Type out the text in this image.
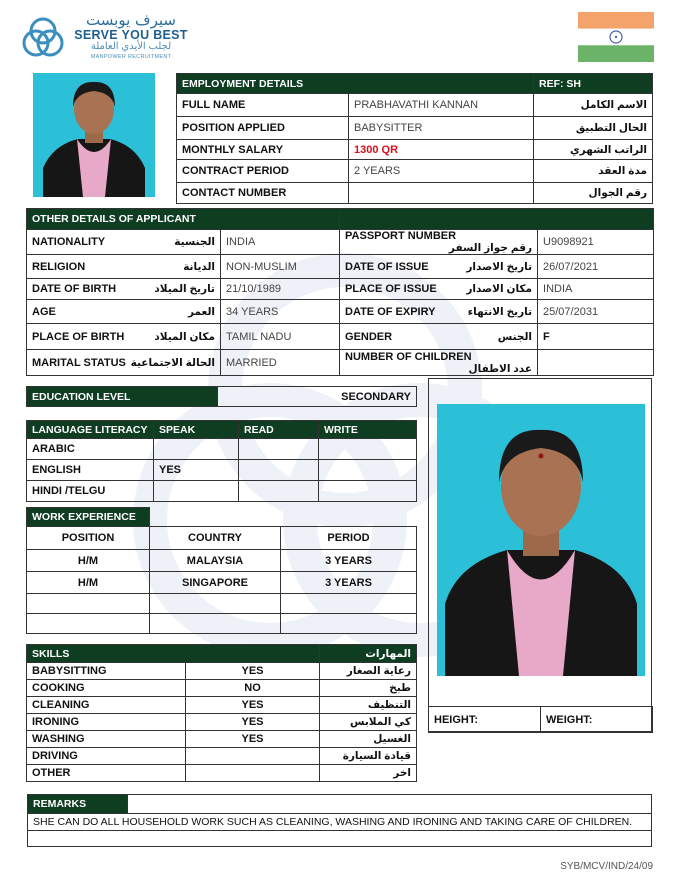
سيرف يوبست
SERVE YOU BEST
لجلب الأيدي العاملة
MANPOWER RECRUITMENT
EMPLOYMENT DETAILS		REF: SH
FULL NAME	PRABHAVATHI KANNAN	الاسم الكامل
POSITION APPLIED	BABYSITTER	الحال التطبيق
MONTHLY SALARY	1300 QR	الراتب الشهري
CONTRACT PERIOD	2 YEARS	مدة العقد
CONTACT NUMBER		رقم الجوال
OTHER DETAILS OF APPLICANT			
NATIONALITY الجنسية	INDIA	PASSPORT NUMBER
رقم جواز السفر	U9098921
RELIGION الديانة	NON-MUSLIM	DATE OF ISSUE تاريخ الاصدار	26/07/2021
DATE OF BIRTH تاريخ الميلاد	21/10/1989	PLACE OF ISSUE مكان الاصدار	INDIA
AGE العمر	34 YEARS	DATE OF EXPIRY تاريخ الانتهاء	25/07/2031
PLACE OF BIRTH مكان الميلاد	TAMIL NADU	GENDER الجنس	F
MARITAL STATUS الحالة الاجتماعية	MARRIED	NUMBER OF CHILDREN
عدد الاطفال	

EDUCATION LEVEL	SECONDARY
LANGUAGE LITERACY	SPEAK	READ	WRITE
ARABIC			
ENGLISH	YES		
HINDI /TELGU			
WORK EXPERIENCE		
POSITION	COUNTRY	PERIOD
H/M	MALAYSIA	3 YEARS
H/M	SINGAPORE	3 YEARS

SKILLS		المهارات
BABYSITTING	YES	رعاية الصغار
COOKING	NO	طبخ
CLEANING	YES	التنظيف
IRONING	YES	كي الملابس
WASHING	YES	الغسيل
DRIVING		قيادة السيارة
OTHER		اخر
HEIGHT:	WEIGHT:
REMARKS	
SHE CAN DO ALL HOUSEHOLD WORK SUCH AS CLEANING, WASHING AND IRONING AND TAKING CARE OF CHILDREN.

SYB/MCV/IND/24/09
